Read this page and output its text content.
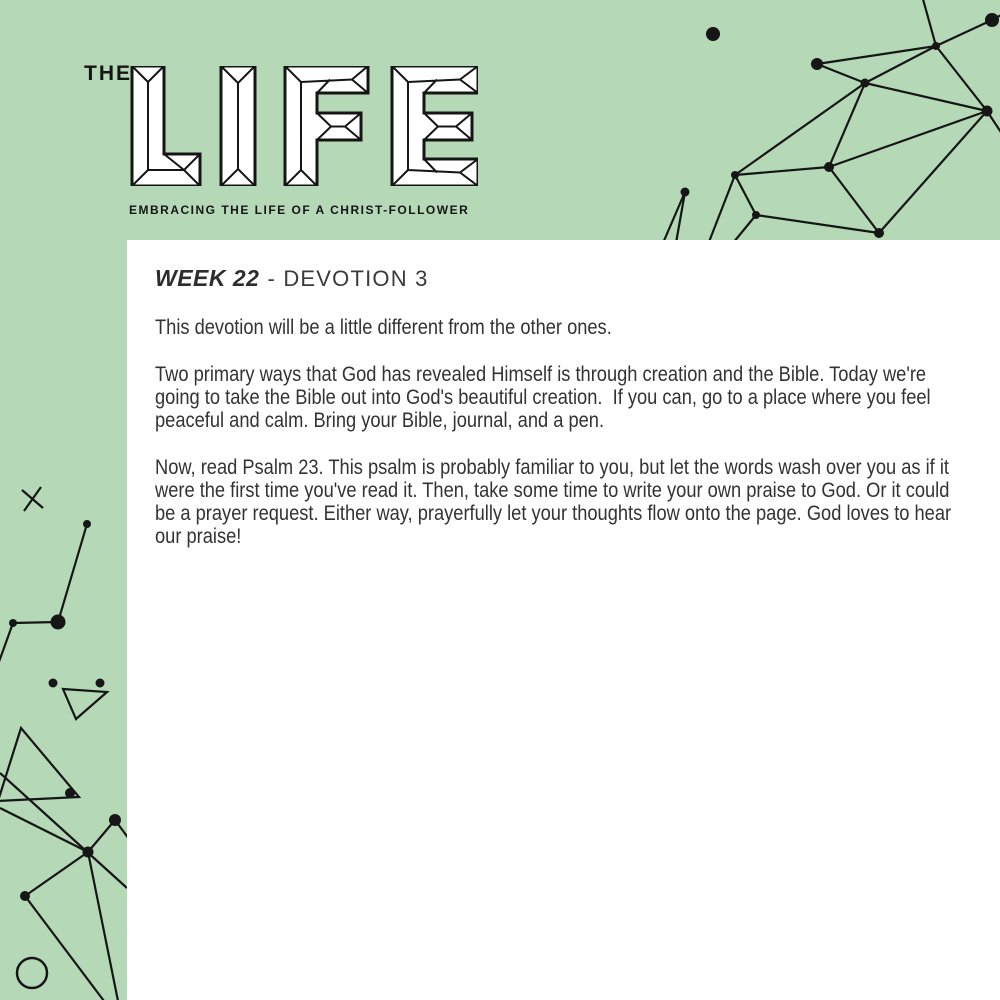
THE
EMBRACING THE LIFE OF A CHRIST-FOLLOWER
WEEK 22 - DEVOTION 3

This devotion will be a little different from the other ones.

Two primary ways that God has revealed Himself is through creation and the Bible. Today we're going to take the Bible out into God's beautiful creation.  If you can, go to a place where you feel peaceful and calm. Bring your Bible, journal, and a pen.

Now, read Psalm 23. This psalm is probably familiar to you, but let the words wash over you as if it were the first time you've read it. Then, take some time to write your own praise to God. Or it could be a prayer request. Either way, prayerfully let your thoughts flow onto the page. God loves to hear our praise!
